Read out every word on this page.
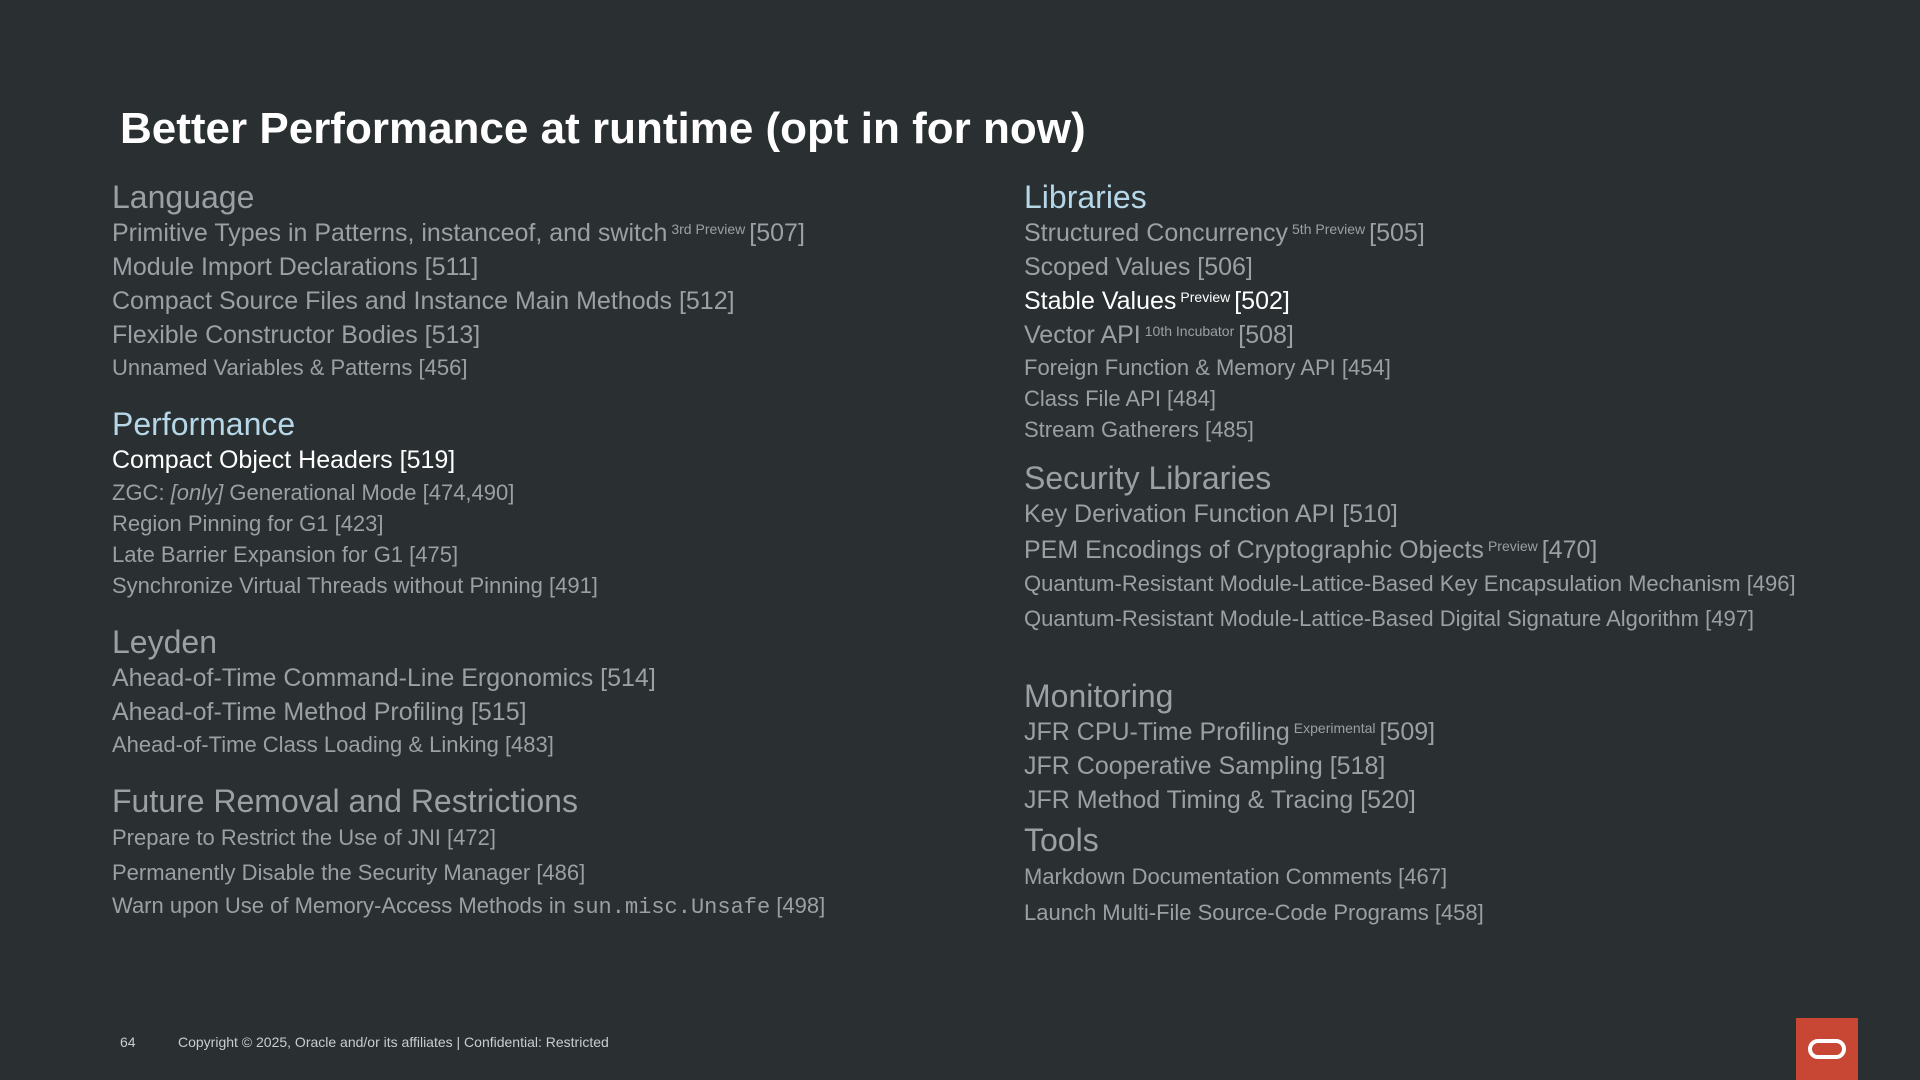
Better Performance at runtime (opt in for now)

Language

Primitive Types in Patterns, instanceof, and switch $^{3rd Preview}$ [507]

Module Import Declarations [511]

Compact Source Files and Instance Main Methods [512]

Flexible Constructor Bodies [513]

Unnamed Variables & Patterns [456]

Performance

Compact Object Headers [519]

ZGC: [only] Generational Mode [474,490]

Region Pinning for G1 [423]

Late Barrier Expansion for G1 [475]

Synchronize Virtual Threads without Pinning [491]

Leyden

Ahead-of-Time Command-Line Ergonomics [514]

Ahead-of-Time Method Profiling [515]

Ahead-of-Time Class Loading & Linking [483]

Future Removal and Restrictions

Prepare to Restrict the Use of JNI [472]

Permanently Disable the Security Manager [486]

Warn upon Use of Memory-Access Methods in sun.misc.Unsafe [498]

Libraries

Structured Concurrency $^{5th Preview}$ [505]

Scoped Values [506]

Stable Values $^{Preview}$ [502]

Vector API $^{10th Incubator}$ [508]

Foreign Function & Memory API [454]

Class File API [484]

Stream Gatherers [485]

Security Libraries

Key Derivation Function API [510]

PEM Encodings of Cryptographic Objects $^{Preview}$ [470]

Quantum-Resistant Module-Lattice-Based Key Encapsulation Mechanism [496]

Quantum-Resistant Module-Lattice-Based Digital Signature Algorithm [497]

Monitoring

JFR CPU-Time Profiling $^{Experimental}$ [509]

JFR Cooperative Sampling [518]

JFR Method Timing & Tracing [520]

Tools

Markdown Documentation Comments [467]

Launch Multi-File Source-Code Programs [458]

64	Copyright © 2025, Oracle and/or its affiliates | Confidential: Restricted
